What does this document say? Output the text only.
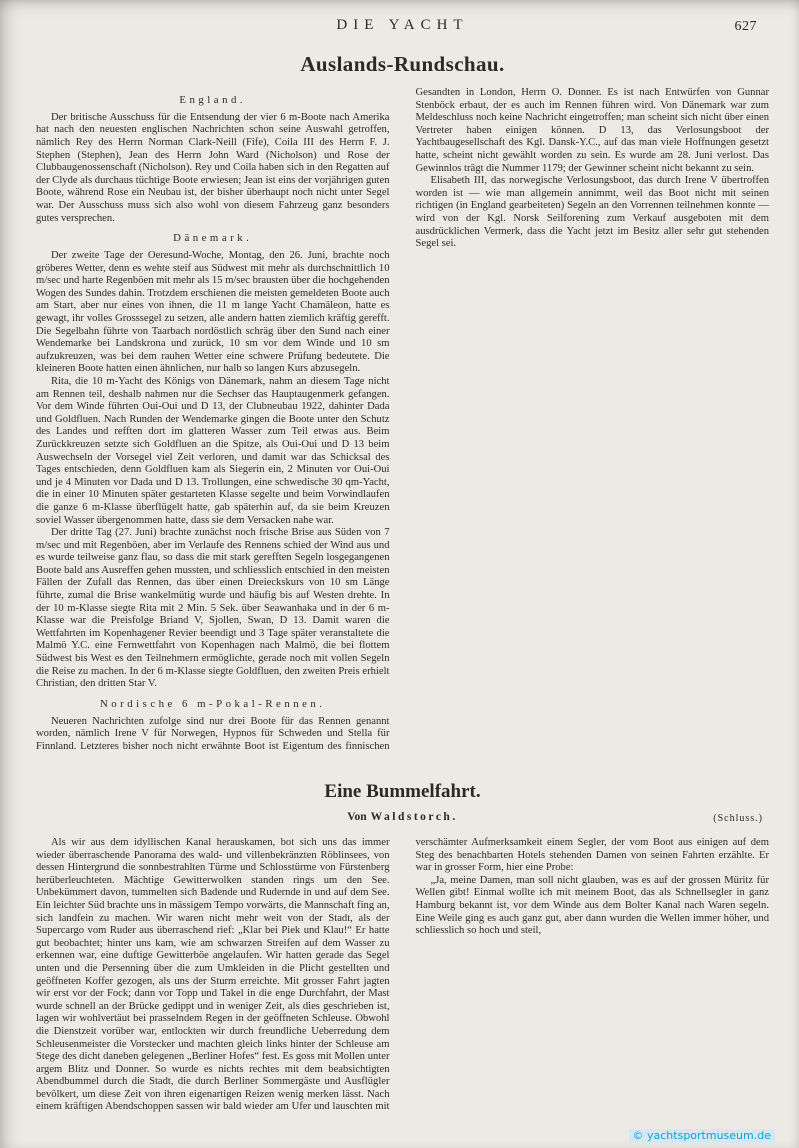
DIE YACHT	627
Auslands-Rundschau.
England.

Der britische Ausschuss für die Entsendung der vier 6 m-Boote nach Amerika hat nach den neuesten englischen Nachrichten schon seine Auswahl getroffen, nämlich Rey des Herrn Norman Clark-Neill (Fife), Coila III des Herrn F. J. Stephen (Stephen), Jean des Herrn John Ward (Nicholson) und Rose der Clubbaugenossenschaft (Nicholson). Rey und Coila haben sich in den Regatten auf der Clyde als durchaus tüchtige Boote erwiesen; Jean ist eins der vorjährigen guten Boote, während Rose ein Neubau ist, der bisher überhaupt noch nicht unter Segel war. Der Ausschuss muss sich also wohl von diesem Fahrzeug ganz besonders gutes versprechen.

Dänemark.

Der zweite Tage der Oeresund-Woche, Montag, den 26. Juni, brachte noch gröberes Wetter, denn es wehte steif aus Südwest mit mehr als durchschnittlich 10 m/sec und harte Regenböen mit mehr als 15 m/sec brausten über die hochgehenden Wogen des Sundes dahin. Trotzdem erschienen die meisten gemeldeten Boote auch am Start, aber nur eines von ihnen, die 11 m lange Yacht Chamäleon, hatte es gewagt, ihr volles Grosssegel zu setzen, alle andern hatten ziemlich kräftig gerefft. Die Segelbahn führte von Taarbach nordöstlich schräg über den Sund nach einer Wendemarke bei Landskrona und zurück, 10 sm vor dem Winde und 10 sm aufzukreuzen, was bei dem rauhen Wetter eine schwere Prüfung bedeutete. Die kleineren Boote hatten einen ähnlichen, nur halb so langen Kurs abzusegeln.

Rita, die 10 m-Yacht des Königs von Dänemark, nahm an diesem Tage nicht am Rennen teil, deshalb nahmen nur die Sechser das Hauptaugenmerk gefangen. Vor dem Winde führten Oui-Oui und D 13, der Clubneubau 1922, dahinter Dada und Goldfluen. Nach Runden der Wendemarke gingen die Boote unter den Schutz des Landes und refften dort im glatteren Wasser zum Teil etwas aus. Beim Zurückkreuzen setzte sich Goldfluen an die Spitze, als Oui-Oui und D 13 beim Auswechseln der Vorsegel viel Zeit verloren, und damit war das Schicksal des Tages entschieden, denn Goldfluen kam als Siegerin ein, 2 Minuten vor Oui-Oui und je 4 Minuten vor Dada und D 13. Trollungen, eine schwedische 30 qm-Yacht, die in einer 10 Minuten später gestarteten Klasse segelte und beim Vorwindlaufen die ganze 6 m-Klasse überflügelt hatte, gab späterhin auf, da sie beim Kreuzen soviel Wasser übergenommen hatte, dass sie dem Versacken nahe war.

Der dritte Tag (27. Juni) brachte zunächst noch frische Brise aus Süden von 7 m/sec und mit Regenböen, aber im Verlaufe des Rennens schied der Wind aus und es wurde teilweise ganz flau, so dass die mit stark gerefften Segeln losgegangenen Boote bald ans Ausreffen gehen mussten, und schliesslich entschied in den meisten Fällen der Zufall das Rennen, das über einen Dreieckskurs von 10 sm Länge führte, zumal die Brise wankelmütig wurde und häufig bis auf Westen drehte. In der 10 m-Klasse siegte Rita mit 2 Min. 5 Sek. über Seawanhaka und in der 6 m-Klasse war die Preisfolge Briand V, Sjollen, Swan, D 13. Damit waren die Wettfahrten im Kopenhagener Revier beendigt und 3 Tage später veranstaltete die Malmö Y.C. eine Fernwettfahrt von Kopenhagen nach Malmö, die bei flottem Südwest bis West es den Teilnehmern ermöglichte, gerade noch mit vollen Segeln die Reise zu machen. In der 6 m-Klasse siegte Goldfluen, den zweiten Preis erhielt Christian, den dritten Star V.

Nordische 6 m-Pokal-Rennen.

Neueren Nachrichten zufolge sind nur drei Boote für das Rennen genannt worden, nämlich Irene V für Norwegen, Hypnos für Schweden und Stella für Finnland. Letzteres bisher noch nicht erwähnte Boot ist Eigentum des finnischen Gesandten in London, Herrn O. Donner. Es ist nach Entwürfen von Gunnar Stenböck erbaut, der es auch im Rennen führen wird. Von Dänemark war zum Meldeschluss noch keine Nachricht eingetroffen; man scheint sich nicht über einen Vertreter haben einigen können. D 13, das Verlosungsboot der Yachtbaugesellschaft des Kgl. Dansk-Y.C., auf das man viele Hoffnungen gesetzt hatte, scheint nicht gewählt worden zu sein. Es wurde am 28. Juni verlost. Das Gewinnlos trägt die Nummer 1179; der Gewinner scheint nicht bekannt zu sein.

Elisabeth III, das norwegische Verlosungsboot, das durch Irene V übertroffen worden ist — wie man allgemein annimmt, weil das Boot nicht mit seinen richtigen (in England gearbeiteten) Segeln an den Vorrennen teilnehmen konnte — wird von der Kgl. Norsk Seilforening zum Verkauf ausgeboten mit dem ausdrücklichen Vermerk, dass die Yacht jetzt im Besitz aller sehr gut stehenden Segel sei.

Eine Bummelfahrt.
Von Waldstorch.	(Schluss.)

Als wir aus dem idyllischen Kanal herauskamen, bot sich uns das immer wieder überraschende Panorama des wald- und villenbekränzten Röblinsees, von dessen Hintergrund die sonnbestrahlten Türme und Schlosstürme von Fürstenberg herüberleuchteten. Mächtige Gewitterwolken standen rings um den See. Unbekümmert davon, tummelten sich Badende und Rudernde in und auf dem See. Ein leichter Süd brachte uns in mässigem Tempo vorwärts, die Mannschaft fing an, sich landfein zu machen. Wir waren nicht mehr weit von der Stadt, als der Supercargo vom Ruder aus überraschend rief: „Klar bei Piek und Klau!“ Er hatte gut beobachtet; hinter uns kam, wie am schwarzen Streifen auf dem Wasser zu erkennen war, eine duftige Gewitterböe angelaufen. Wir hatten gerade das Segel unten und die Persenning über die zum Umkleiden in die Plicht gestellten und geöffneten Koffer gezogen, als uns der Sturm erreichte. Mit grosser Fahrt jagten wir erst vor der Fock; dann vor Topp und Takel in die enge Durchfahrt, der Mast wurde schnell an der Brücke gedippt und in weniger Zeit, als dies geschrieben ist, lagen wir wohlvertäut bei prasselndem Regen in der geöffneten Schleuse. Obwohl die Dienstzeit vorüber war, entlockten wir durch freundliche Ueberredung dem Schleusenmeister die Vorstecker und machten gleich links hinter der Schleuse am Stege des dicht daneben gelegenen „Berliner Hofes“ fest. Es goss mit Mollen unter argem Blitz und Donner. So wurde es nichts rechtes mit dem beabsichtigten Abendbummel durch die Stadt, die durch Berliner Sommergäste und Ausflügler bevölkert, um diese Zeit von ihren eigenartigen Reizen wenig merken lässt. Nach einem kräftigen Abendschoppen sassen wir bald wieder am Ufer und lauschten mit verschämter Aufmerksamkeit einem Segler, der vom Boot aus einigen auf dem Steg des benachbarten Hotels stehenden Damen von seinen Fahrten erzählte. Er war in grosser Form, hier eine Probe:

„Ja, meine Damen, man soll nicht glauben, was es auf der grossen Müritz für Wellen gibt! Einmal wollte ich mit meinem Boot, das als Schnellsegler in ganz Hamburg bekannt ist, vor dem Winde aus dem Bolter Kanal nach Waren segeln. Eine Weile ging es auch ganz gut, aber dann wurden die Wellen immer höher, und schliesslich so hoch und steil,

© yachtsportmuseum.de
